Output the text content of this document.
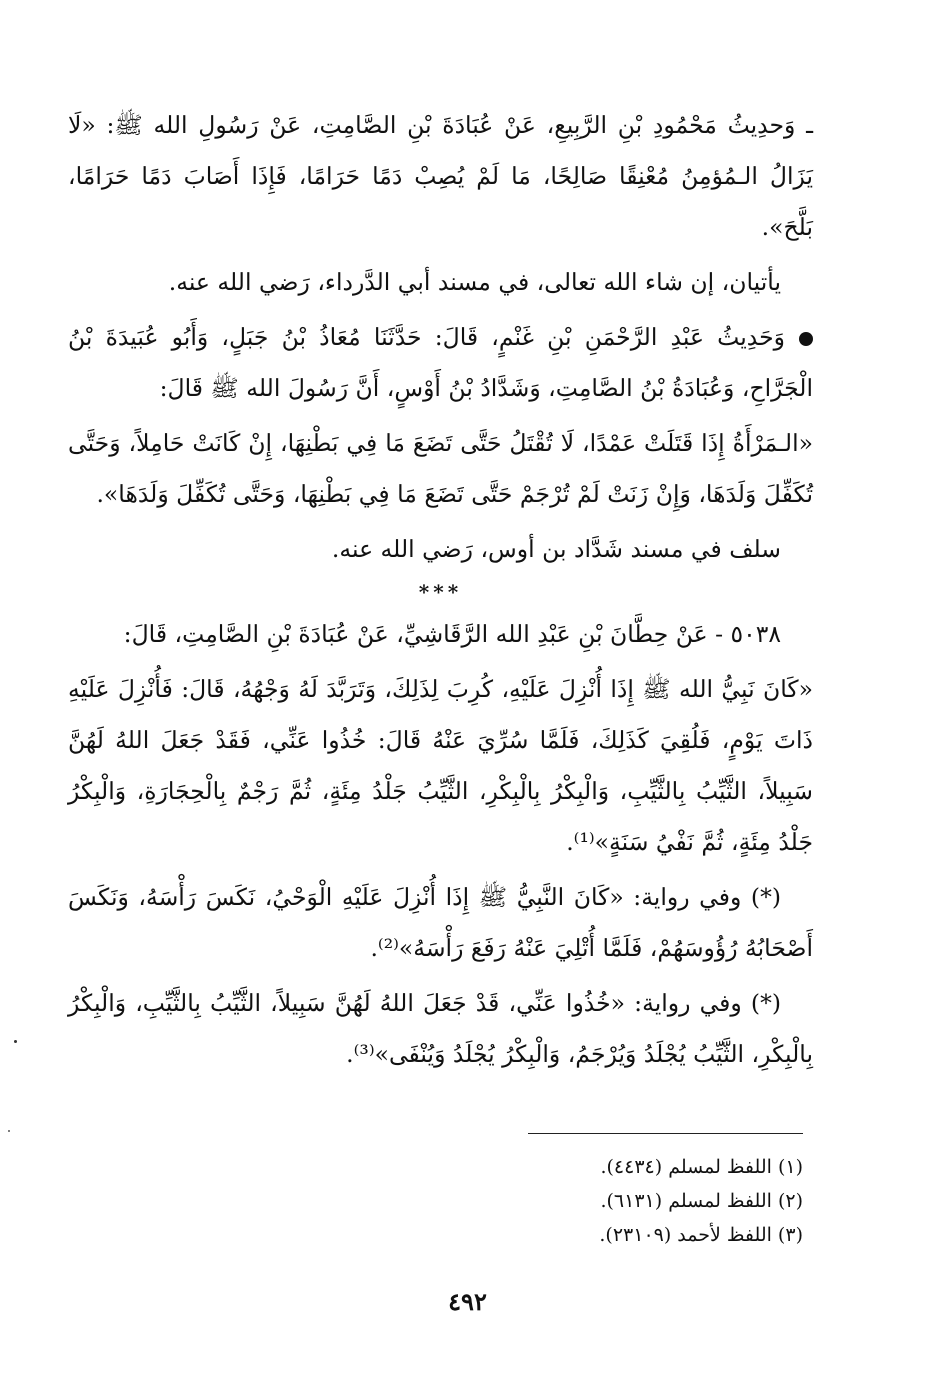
ـ وَحدِيثُ مَحْمُودِ بْنِ الرَّبِيعِ، عَنْ عُبَادَةَ بْنِ الصَّامِتِ، عَنْ رَسُولِ الله ﷺ: «لَا يَزَالُ الـمُؤمِنُ مُعْنِقًا صَالِحًا، مَا لَمْ يُصِبْ دَمًا حَرَامًا، فَإِذَا أَصَابَ دَمًا حَرَامًا، بَلَّحَ».

يأتيان، إن شاء الله تعالى، في مسند أبي الدَّرداء، رَضي الله عنه.

وَحَدِيثُ عَبْدِ الرَّحْمَنِ بْنِ غَنْمٍ، قَالَ: حَدَّثَنَا مُعَاذُ بْنُ جَبَلٍ، وَأَبُو عُبَيدَةَ بْنُ الْجَرَّاحِ، وَعُبَادَةُ بْنُ الصَّامِتِ، وَشَدَّادُ بْنُ أَوْسٍ، أَنَّ رَسُولَ الله ﷺ قَالَ:

«الـمَرْأَةُ إِذَا قَتَلَتْ عَمْدًا، لَا تُقْتَلُ حَتَّى تَضَعَ مَا فِي بَطْنِهَا، إِنْ كَانَتْ حَامِلاً، وَحَتَّى تُكَفِّلَ وَلَدَهَا، وَإِنْ زَنَتْ لَمْ تُرْجَمْ حَتَّى تَضَعَ مَا فِي بَطْنِهَا، وَحَتَّى تُكَفِّلَ وَلَدَهَا».

سلف في مسند شَدَّاد بن أوس، رَضي الله عنه.

***

٥٠٣٨ - عَنْ حِطَّانَ بْنِ عَبْدِ الله الرَّقَاشِيِّ، عَنْ عُبَادَةَ بْنِ الصَّامِتِ، قَالَ:

«كَانَ نَبِيُّ الله ﷺ إِذَا أُنْزِلَ عَلَيْهِ، كُرِبَ لِذَلِكَ، وَتَرَبَّدَ لَهُ وَجْهُهُ، قَالَ: فَأُنْزِلَ عَلَيْهِ ذَاتَ يَوْمٍ، فَلُقِيَ كَذَلِكَ، فَلَمَّا سُرِّيَ عَنْهُ قَالَ: خُذُوا عَنِّي، فَقَدْ جَعَلَ اللهُ لَهُنَّ سَبِيلاً، الثَّيِّبُ بِالثَّيِّبِ، وَالْبِكْرُ بِالْبِكْرِ، الثَّيِّبُ جَلْدُ مِئَةٍ، ثُمَّ رَجْمٌ بِالْحِجَارَةِ، وَالْبِكْرُ جَلْدُ مِئَةٍ، ثُمَّ نَفْيُ سَنَةٍ»⁽¹⁾.

(*) وفي رواية: «كَانَ النَّبِيُّ ﷺ إِذَا أُنْزِلَ عَلَيْهِ الْوَحْيُ، نَكَسَ رَأْسَهُ، وَنَكَسَ أَصْحَابُهُ رُؤُوسَهُمْ، فَلَمَّا أُتْلِيَ عَنْهُ رَفَعَ رَأْسَهُ»⁽²⁾.

(*) وفي رواية: «خُذُوا عَنِّي، قَدْ جَعَلَ اللهُ لَهُنَّ سَبِيلاً، الثَّيِّبُ بِالثَّيِّبِ، وَالْبِكْرُ بِالْبِكْرِ، الثَّيِّبُ يُجْلَدُ وَيُرْجَمُ، وَالْبِكْرُ يُجْلَدُ وَيُنْفَى»⁽³⁾.

(١) اللفظ لمسلم (٤٤٣٤).
(٢) اللفظ لمسلم (٦١٣١).
(٣) اللفظ لأحمد (٢٣١٠٩).
٤٩٢
